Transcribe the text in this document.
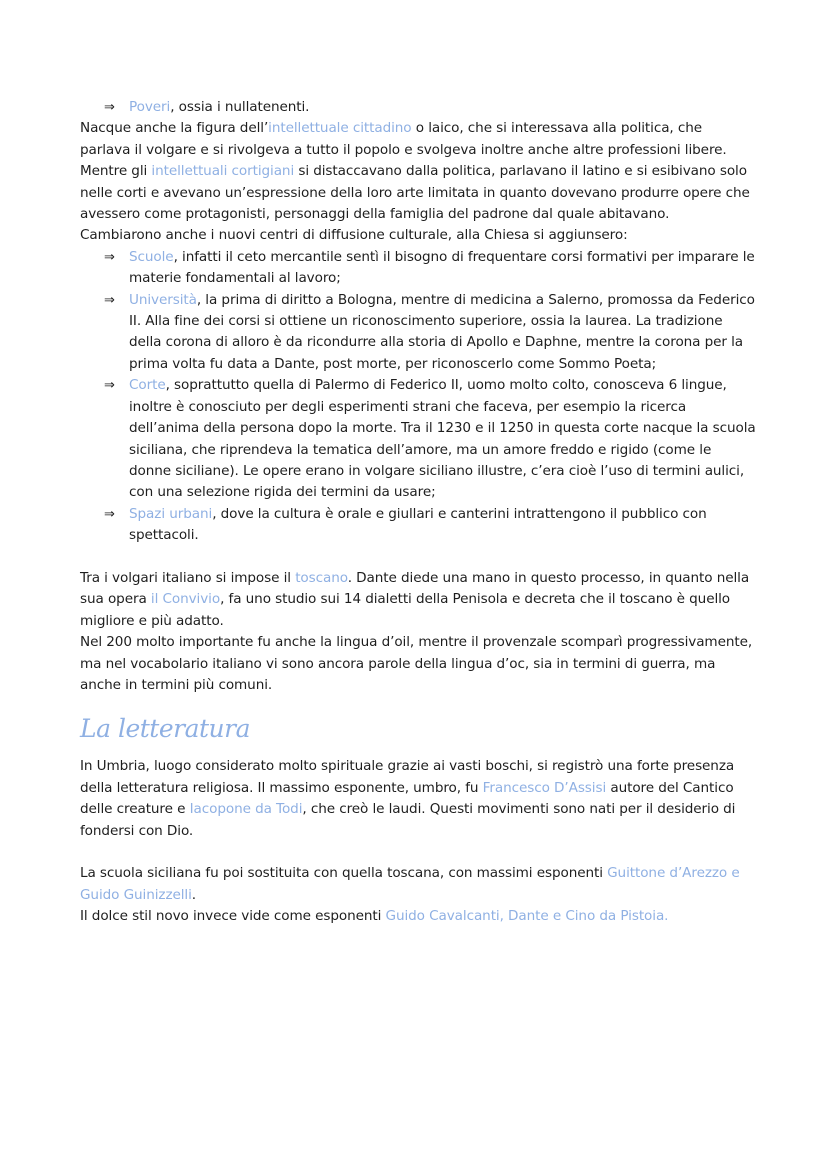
⇒ Poveri, ossia i nullatenenti.
Nacque anche la figura dell’intellettuale cittadino o laico, che si interessava alla politica, che parlava il volgare e si rivolgeva a tutto il popolo e svolgeva inoltre anche altre professioni libere.
Mentre gli intellettuali cortigiani si distaccavano dalla politica, parlavano il latino e si esibivano solo nelle corti e avevano un’espressione della loro arte limitata in quanto dovevano produrre opere che avessero come protagonisti, personaggi della famiglia del padrone dal quale abitavano.
Cambiarono anche i nuovi centri di diffusione culturale, alla Chiesa si aggiunsero:
⇒ Scuole, infatti il ceto mercantile sentì il bisogno di frequentare corsi formativi per imparare le materie fondamentali al lavoro;
⇒ Università, la prima di diritto a Bologna, mentre di medicina a Salerno, promossa da Federico II. Alla fine dei corsi si ottiene un riconoscimento superiore, ossia la laurea. La tradizione della corona di alloro è da ricondurre alla storia di Apollo e Daphne, mentre la corona per la prima volta fu data a Dante, post morte, per riconoscerlo come Sommo Poeta;
⇒ Corte, soprattutto quella di Palermo di Federico II, uomo molto colto, conosceva 6 lingue, inoltre è conosciuto per degli esperimenti strani che faceva, per esempio la ricerca dell’anima della persona dopo la morte. Tra il 1230 e il 1250 in questa corte nacque la scuola siciliana, che riprendeva la tematica dell’amore, ma un amore freddo e rigido (come le donne siciliane). Le opere erano in volgare siciliano illustre, c’era cioè l’uso di termini aulici, con una selezione rigida dei termini da usare;
⇒ Spazi urbani, dove la cultura è orale e giullari e canterini intrattengono il pubblico con spettacoli.
Tra i volgari italiano si impose il toscano. Dante diede una mano in questo processo, in quanto nella sua opera il Convivio, fa uno studio sui 14 dialetti della Penisola e decreta che il toscano è quello migliore e più adatto.
Nel 200 molto importante fu anche la lingua d’oil, mentre il provenzale scomparì progressivamente, ma nel vocabolario italiano vi sono ancora parole della lingua d’oc, sia in termini di guerra, ma anche in termini più comuni.
La letteratura
In Umbria, luogo considerato molto spirituale grazie ai vasti boschi, si registrò una forte presenza della letteratura religiosa. Il massimo esponente, umbro, fu Francesco D’Assisi autore del Cantico delle creature e Iacopone da Todi, che creò le laudi. Questi movimenti sono nati per il desiderio di fondersi con Dio.
La scuola siciliana fu poi sostituita con quella toscana, con massimi esponenti Guittone d’Arezzo e Guido Guinizzelli.
Il dolce stil novo invece vide come esponenti Guido Cavalcanti, Dante e Cino da Pistoia.
